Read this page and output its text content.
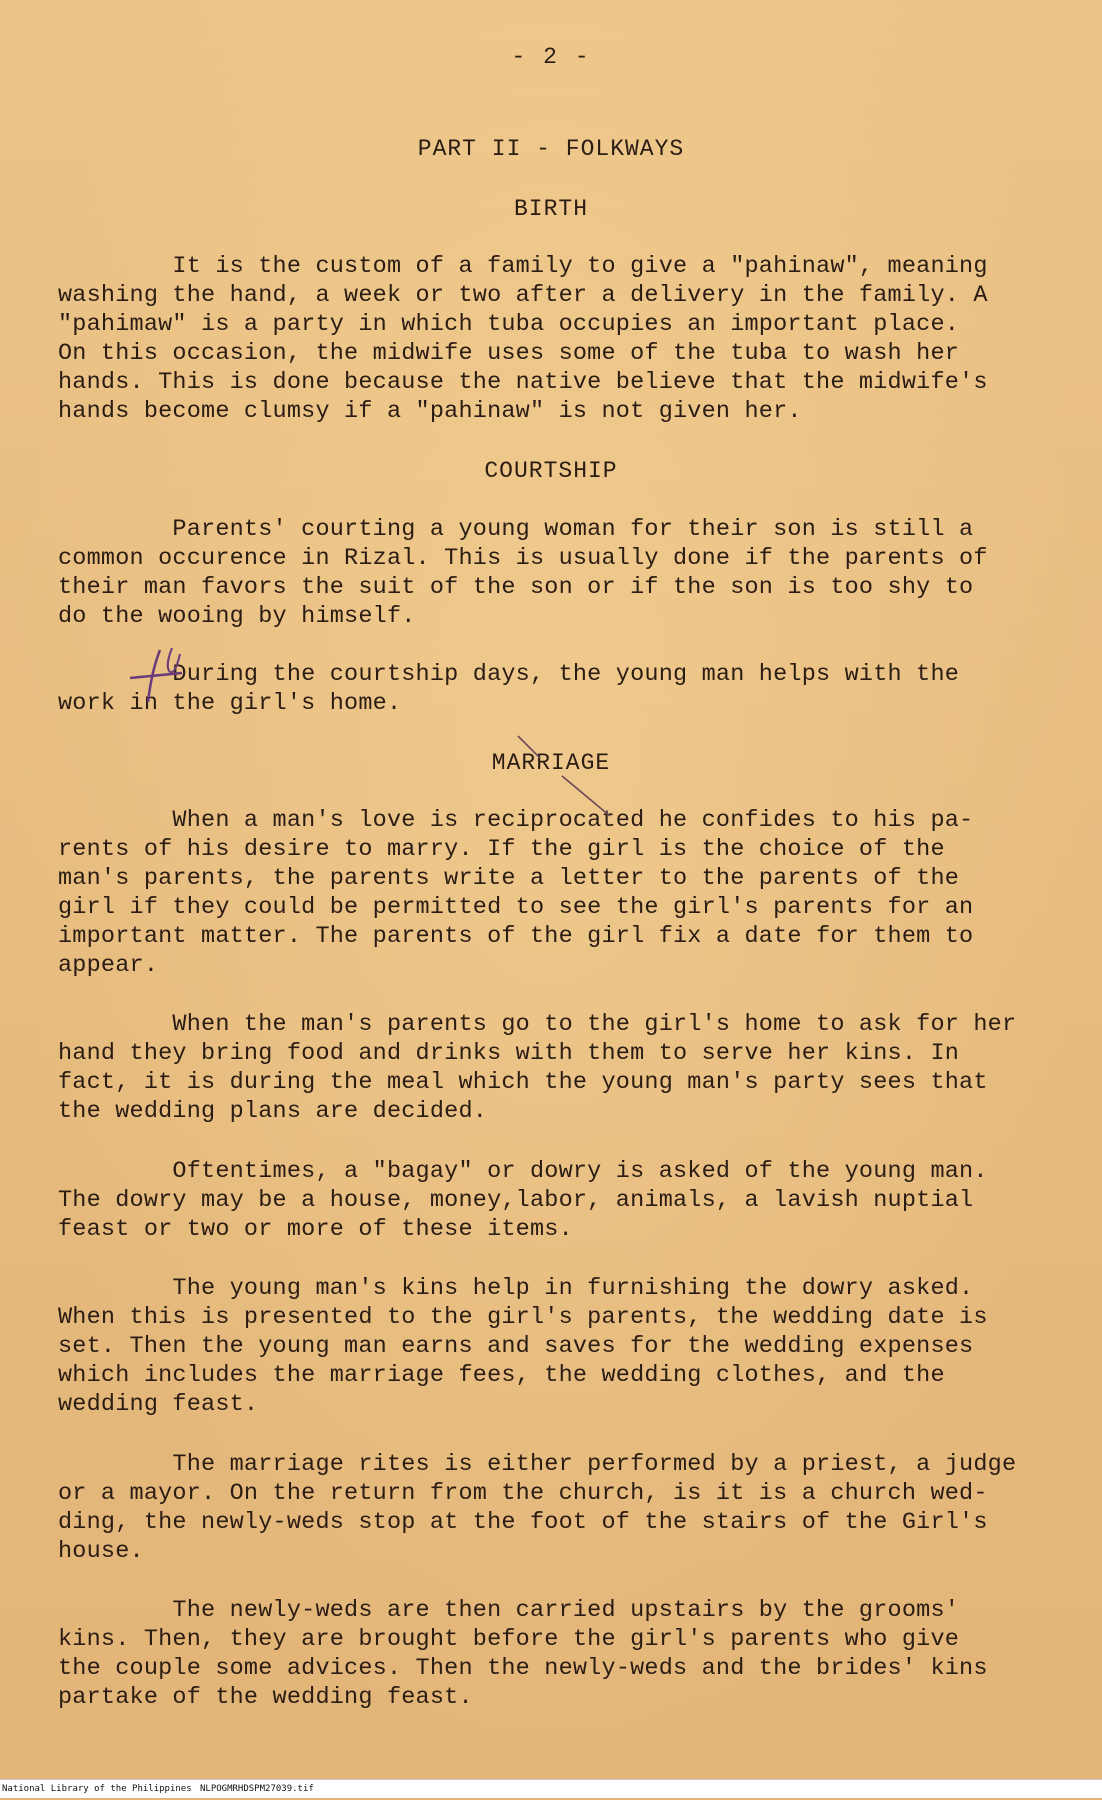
- 2 -
PART II - FOLKWAYS
BIRTH
It is the custom of a family to give a "pahinaw", meaning
washing the hand, a week or two after a delivery in the family. A
"pahimaw" is a party in which tuba occupies an important place.
On this occasion, the midwife uses some of the tuba to wash her
hands. This is done because the native believe that the midwife's
hands become clumsy if a "pahinaw" is not given her.
COURTSHIP
Parents' courting a young woman for their son is still a
common occurence in Rizal. This is usually done if the parents of
their man favors the suit of the son or if the son is too shy to
do the wooing by himself.
During the courtship days, the young man helps with the
work in the girl's home.
MARRIAGE
When a man's love is reciprocated he confides to his pa-
rents of his desire to marry. If the girl is the choice of the
man's parents, the parents write a letter to the parents of the
girl if they could be permitted to see the girl's parents for an
important matter. The parents of the girl fix a date for them to
appear.
When the man's parents go to the girl's home to ask for her
hand they bring food and drinks with them to serve her kins. In
fact, it is during the meal which the young man's party sees that
the wedding plans are decided.
Oftentimes, a "bagay" or dowry is asked of the young man.
The dowry may be a house, money,labor, animals, a lavish nuptial
feast or two or more of these items.
The young man's kins help in furnishing the dowry asked.
When this is presented to the girl's parents, the wedding date is
set. Then the young man earns and saves for the wedding expenses
which includes the marriage fees, the wedding clothes, and the
wedding feast.
The marriage rites is either performed by a priest, a judge
or a mayor. On the return from the church, is it is a church wed-
ding, the newly-weds stop at the foot of the stairs of the Girl's
house.
The newly-weds are then carried upstairs by the grooms'
kins. Then, they are brought before the girl's parents who give
the couple some advices. Then the newly-weds and the brides' kins
partake of the wedding feast.
National Library of the Philippines NLPOGMRHDSPM27039.tif
